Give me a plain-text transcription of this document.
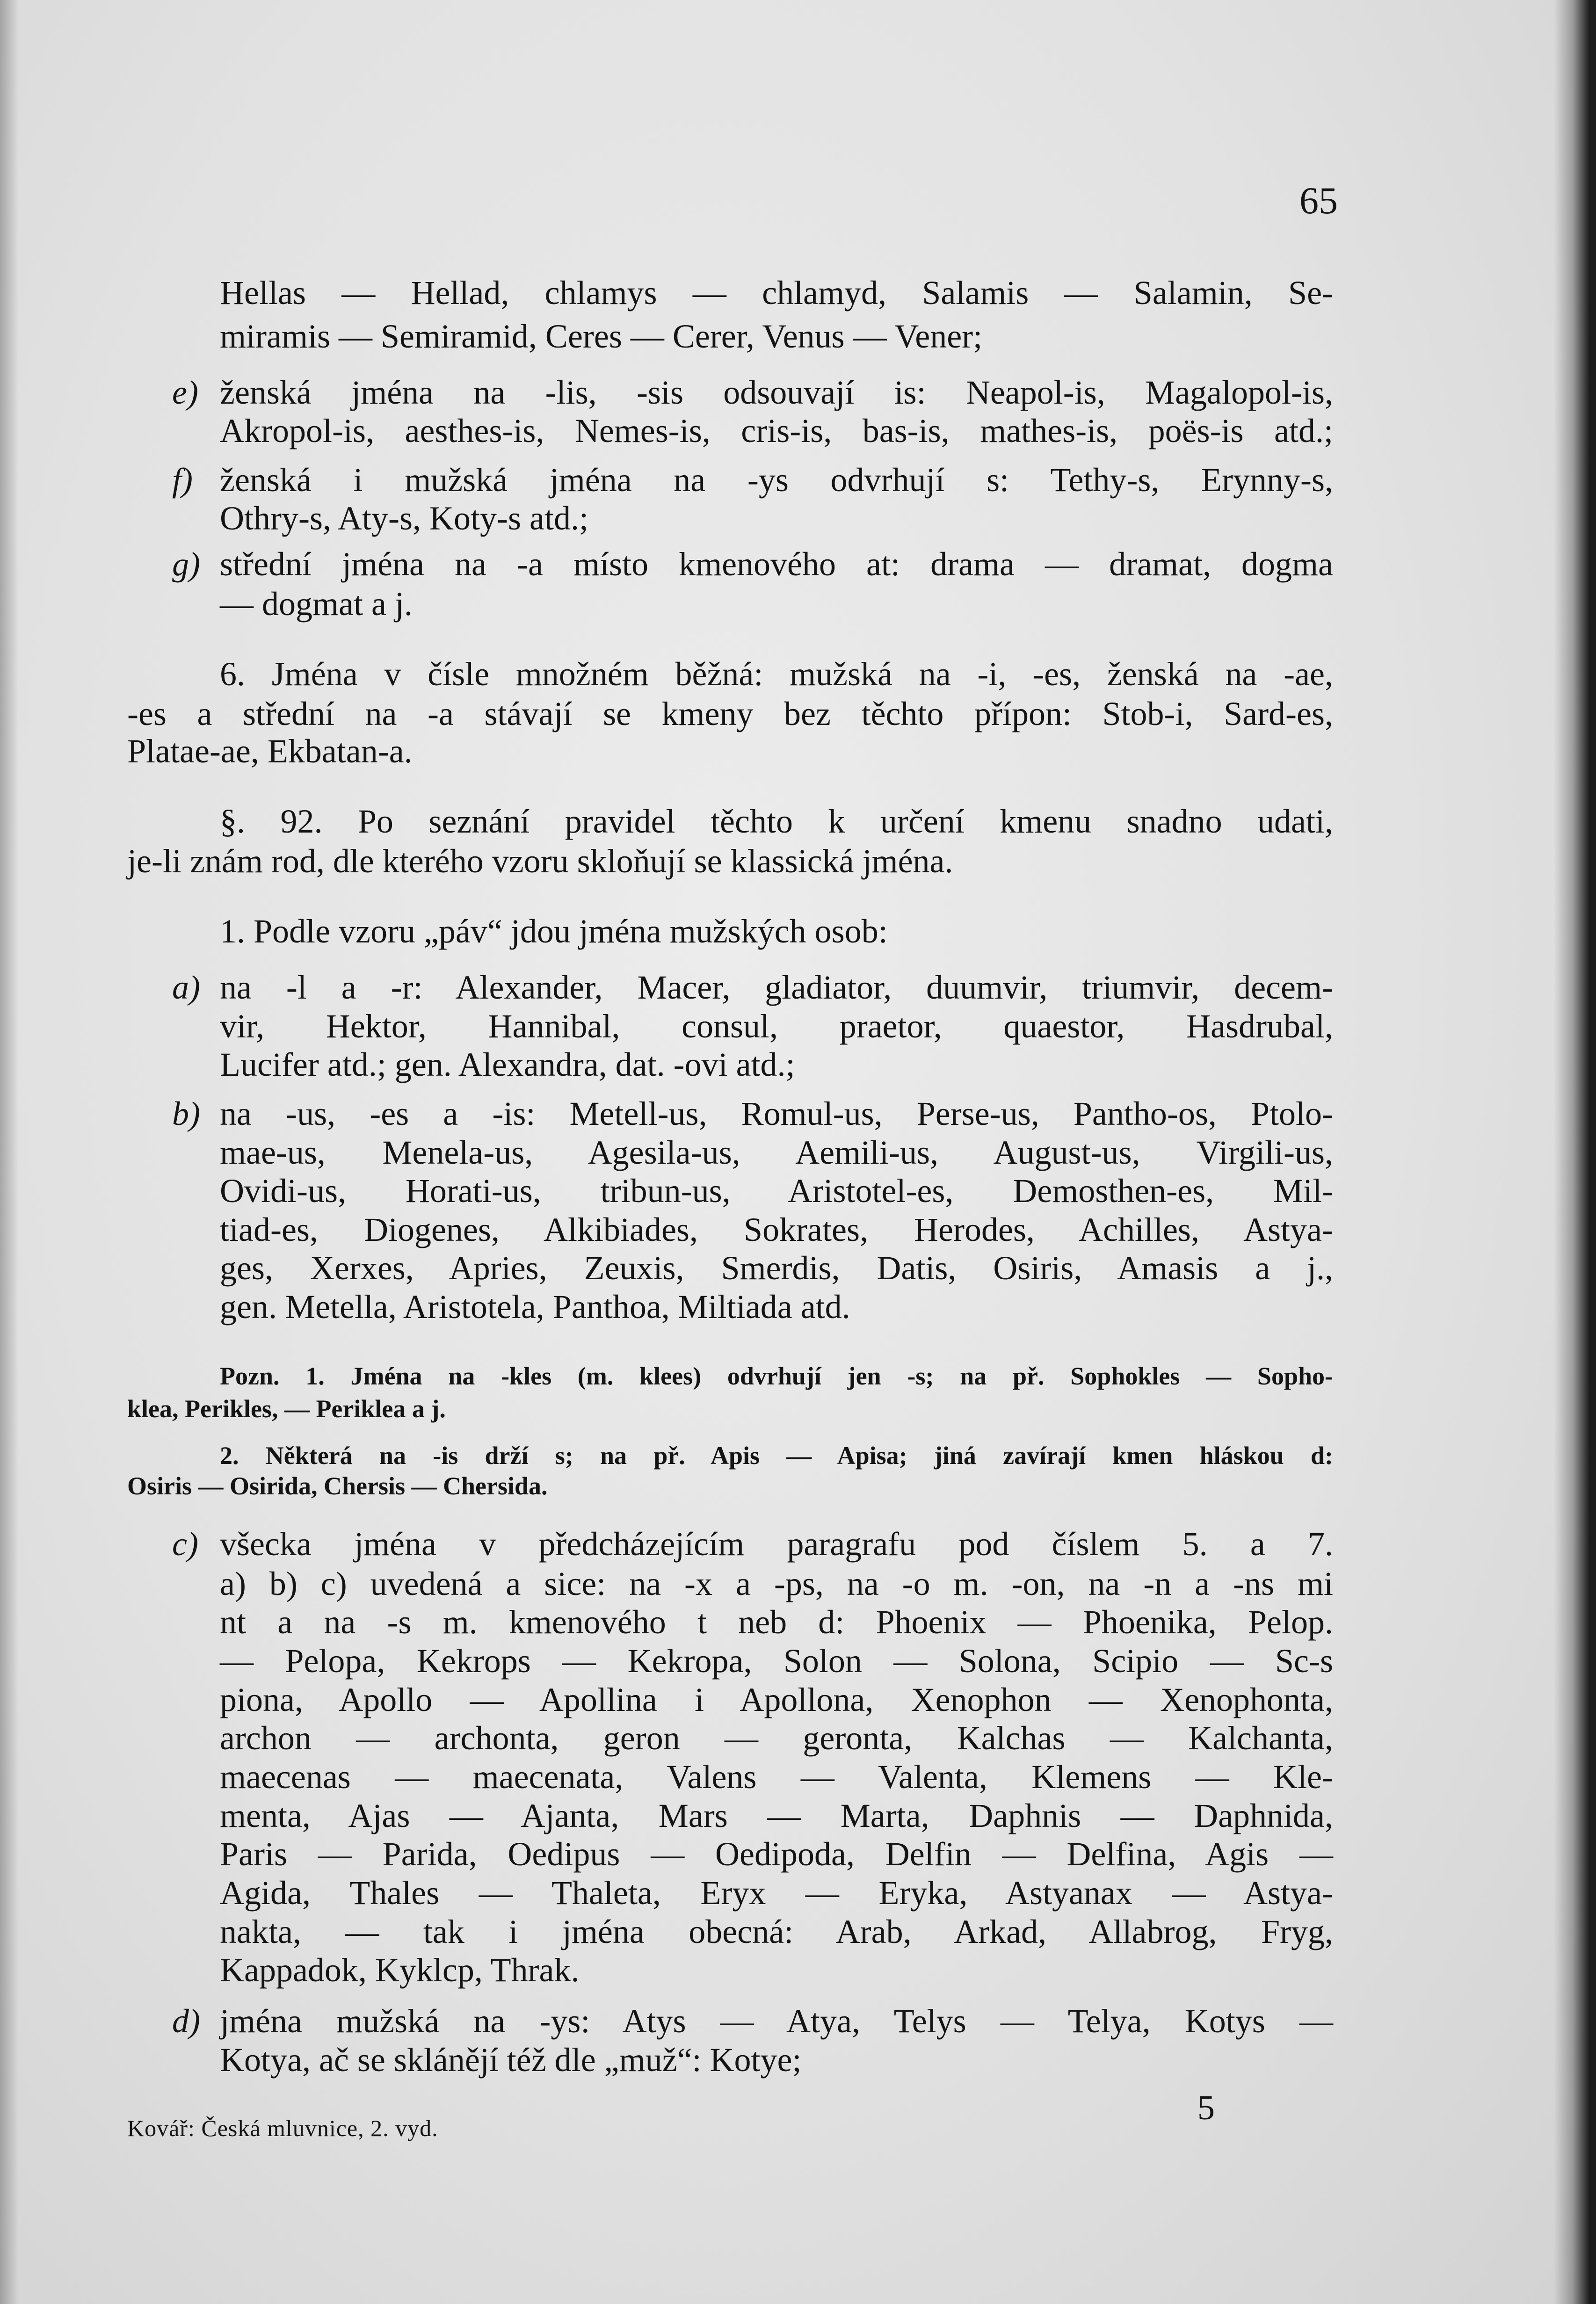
65
Hellas — Hellad, chlamys — chlamyd, Salamis — Salamin, Se-
miramis — Semiramid, Ceres — Cerer, Venus — Vener;
e) ženská jména na -lis, -sis odsouvají is: Neapol-is, Magalopol-is,
Akropol-is, aesthes-is, Nemes-is, cris-is, bas-is, mathes-is, poës-is atd.;
f) ženská i mužská jména na -ys odvrhují s: Tethy-s, Erynny-s,
Othry-s, Aty-s, Koty-s atd.;
g) střední jména na -a místo kmenového at: drama — dramat, dogma
— dogmat a j.
6. Jména v čísle množném běžná: mužská na -i, -es, ženská na -ae,
-es a střední na -a stávají se kmeny bez těchto přípon: Stob-i, Sard-es,
Platae-ae, Ekbatan-a.
§. 92. Po seznání pravidel těchto k určení kmenu snadno udati,
je-li znám rod, dle kterého vzoru skloňují se klassická jména.
1. Podle vzoru „páv“ jdou jména mužských osob:
a) na -l a -r: Alexander, Macer, gladiator, duumvir, triumvir, decem-
vir, Hektor, Hannibal, consul, praetor, quaestor, Hasdrubal,
Lucifer atd.; gen. Alexandra, dat. -ovi atd.;
b) na -us, -es a -is: Metell-us, Romul-us, Perse-us, Pantho-os, Ptolo-
mae-us, Menela-us, Agesila-us, Aemili-us, August-us, Virgili-us,
Ovidi-us, Horati-us, tribun-us, Aristotel-es, Demosthen-es, Mil-
tiad-es, Diogenes, Alkibiades, Sokrates, Herodes, Achilles, Astya-
ges, Xerxes, Apries, Zeuxis, Smerdis, Datis, Osiris, Amasis a j.,
gen. Metella, Aristotela, Panthoa, Miltiada atd.
Pozn. 1. Jména na -kles (m. klees) odvrhují jen -s; na př. Sophokles — Sopho-
klea, Perikles, — Periklea a j.
2. Některá na -is drží s; na př. Apis — Apisa; jiná zavírají kmen hláskou d:
Osiris — Osirida, Chersis — Chersida.
c) všecka jména v předcházejícím paragrafu pod číslem 5. a 7.
a) b) c) uvedená a sice: na -x a -ps, na -o m. -on, na -n a -ns mi
nt a na -s m. kmenového t neb d: Phoenix — Phoenika, Pelop.
— Pelopa, Kekrops — Kekropa, Solon — Solona, Scipio — Sc-s
piona, Apollo — Apollina i Apollona, Xenophon — Xenophonta,
archon — archonta, geron — geronta, Kalchas — Kalchanta,
maecenas — maecenata, Valens — Valenta, Klemens — Kle-
menta, Ajas — Ajanta, Mars — Marta, Daphnis — Daphnida,
Paris — Parida, Oedipus — Oedipoda, Delfin — Delfina, Agis —
Agida, Thales — Thaleta, Eryx — Eryka, Astyanax — Astya-
nakta, — tak i jména obecná: Arab, Arkad, Allabrog, Fryg,
Kappadok, Kyklcp, Thrak.
d) jména mužská na -ys: Atys — Atya, Telys — Telya, Kotys —
Kotya, ač se sklánějí též dle „muž“: Kotye;
Kovář: Česká mluvnice, 2. vyd.
5
